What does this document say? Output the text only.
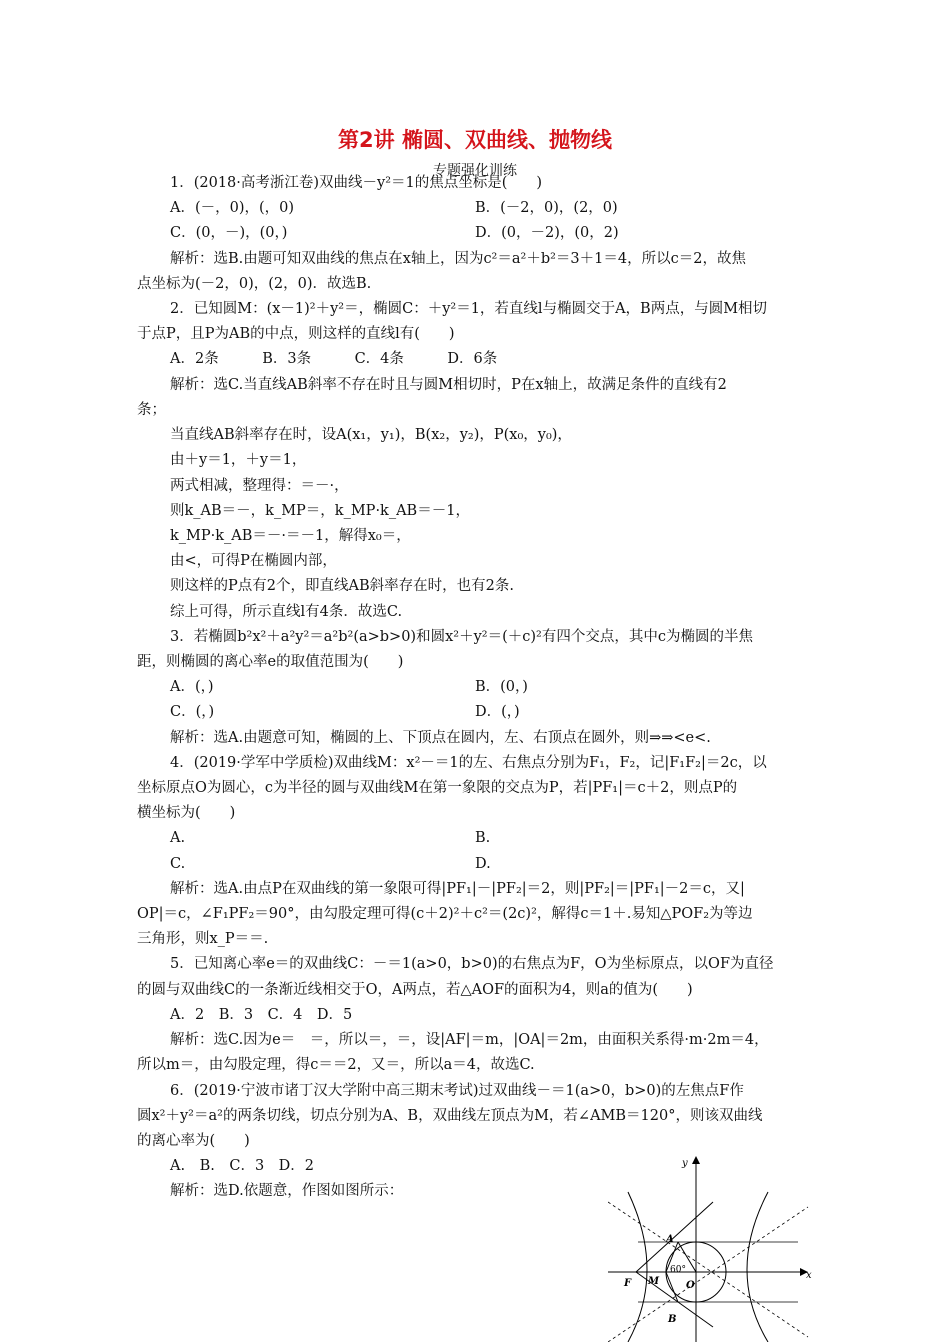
第2讲 椭圆、双曲线、抛物线
专题强化训练
1．(2018·高考浙江卷)双曲线－y²＝1的焦点坐标是(　　)
A．(－，0)，(，0)	B．(－2，0)，(2，0)
C．(0，－)，(0，)	D．(0，－2)，(0，2)
解析：选B.由题可知双曲线的焦点在x轴上，因为c²＝a²＋b²＝3＋1＝4，所以c＝2，故焦
点坐标为(－2，0)，(2，0)．故选B.
2．已知圆M：(x－1)²＋y²＝，椭圆C：＋y²＝1，若直线l与椭圆交于A，B两点，与圆M相切
于点P，且P为AB的中点，则这样的直线l有(　　)
A．2条　　　B．3条　　　C．4条　　　D．6条
解析：选C.当直线AB斜率不存在时且与圆M相切时，P在x轴上，故满足条件的直线有2
条；
当直线AB斜率存在时，设A(x₁，y₁)，B(x₂，y₂)，P(x₀，y₀)，
由＋y＝1，＋y＝1，
两式相减，整理得：＝－·，
则k_AB＝－，k_MP＝，k_MP·k_AB＝－1，
k_MP·k_AB＝－·＝－1，解得x₀＝，
由<，可得P在椭圆内部，
则这样的P点有2个，即直线AB斜率存在时，也有2条.
综上可得，所示直线l有4条．故选C.
3．若椭圆b²x²＋a²y²＝a²b²(a>b>0)和圆x²＋y²＝(＋c)²有四个交点，其中c为椭圆的半焦
距，则椭圆的离心率e的取值范围为(　　)
A．(，)	B．(0，)
C．(，)	D．(，)
解析：选A.由题意可知，椭圆的上、下顶点在圆内，左、右顶点在圆外，则⇒⇒<e<.
4．(2019·学军中学质检)双曲线M：x²－＝1的左、右焦点分别为F₁，F₂，记|F₁F₂|＝2c，以
坐标原点O为圆心，c为半径的圆与双曲线M在第一象限的交点为P，若|PF₁|＝c＋2，则点P的
横坐标为(　　)
A.	B.
C.	D.
解析：选A.由点P在双曲线的第一象限可得|PF₁|－|PF₂|＝2，则|PF₂|＝|PF₁|－2＝c，又|
OP|＝c，∠F₁PF₂＝90°，由勾股定理可得(c＋2)²＋c²＝(2c)²，解得c＝1＋.易知△POF₂为等边
三角形，则x_P＝＝.
5．已知离心率e＝的双曲线C：－＝1(a>0，b>0)的右焦点为F，O为坐标原点，以OF为直径
的圆与双曲线C的一条渐近线相交于O，A两点，若△AOF的面积为4，则a的值为(　　)
A．2　B．3　C．4　D．5
解析：选C.因为e＝　＝，所以＝，＝，设|AF|＝m，|OA|＝2m，由面积关系得·m·2m＝4，
所以m＝，由勾股定理，得c＝＝2，又＝，所以a＝4，故选C.
6．(2019·宁波市诸丁汉大学附中高三期末考试)过双曲线－＝1(a>0，b>0)的左焦点F作
圆x²＋y²＝a²的两条切线，切点分别为A、B，双曲线左顶点为M，若∠AMB＝120°，则该双曲线
的离心率为(　　)
A.　B.　C．3　D．2
解析：选D.依题意，作图如图所示：
x
y
A
B
F M	O
60°
